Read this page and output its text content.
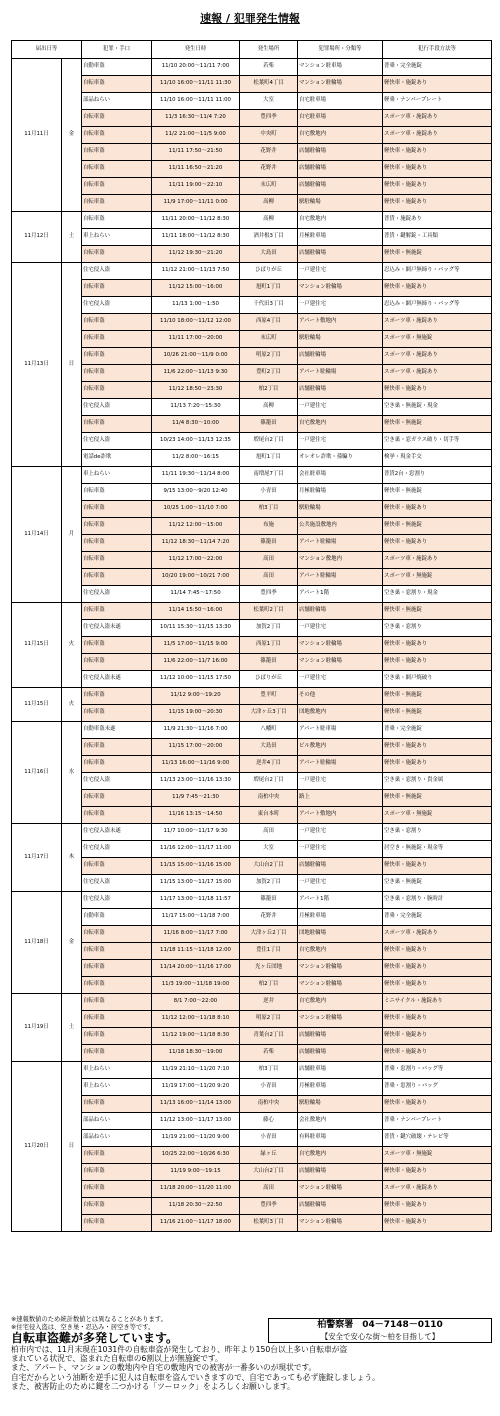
速報 / 犯罪発生情報
届出日等		犯罪・手口	発生日時	発生場所	犯罪場所・分類等	犯行手段方法等
11月11日	金	自動車盗	11/10 20:00～11/11 7:00	若柴	マンション駐車場	普乗・完全施錠
		自転車盗	11/10 16:00～11/11 11:30	松葉町4丁目	マンション駐輪場	軽快車・施錠あり
		部品ねらい	11/10 16:00～11/11 11:00	大室	自宅駐車場	軽乗・ナンバープレート
		自転車盗	11/3 16:30～11/4 7:20	豊四季	自宅駐車場	スポーツ車・施錠あり
		自転車盗	11/2 21:00～11/5 9:00	中央町	自宅敷地内	スポーツ車・施錠あり
		自転車盗	11/11 17:50～21:50	花野井	店舗駐輪場	軽快車・施錠あり
		自転車盗	11/11 16:50～21:20	花野井	店舗駐輪場	軽快車・施錠あり
		自転車盗	11/11 19:00～22:10	末広町	店舗駐輪場	軽快車・施錠あり
		自転車盗	11/9 17:00～11/11 0:00	高柳	駅駐輪場	軽快車・施錠あり
11月12日	土	自転車盗	11/11 20:00～11/12 8:30	高柳	自宅敷地内	普貨・施錠あり
		車上ねらい	11/11 18:00～11/12 8:30	酒井根3丁目	月極駐車場	普貨・鍵解錠・工具類
		自転車盗	11/12 19:30～21:20	大島田	店舗駐輪場	軽快車・無施錠
11月13日	日	住宅侵入盗	11/12 21:00～11/13 7:50	ひばりが丘	一戸建住宅	忍込み・網戸無締り・バッグ等
		自転車盗	11/12 15:00～16:00	旭町1丁目	マンション駐輪場	軽快車・施錠あり
		住宅侵入盗	11/13 1:00～1:50	千代田3丁目	一戸建住宅	忍込み・網戸無締り・バッグ等
		自転車盗	11/10 18:00～11/12 12:00	西原4丁目	アパート敷地内	スポーツ車・施錠あり
		自転車盗	11/11 17:00～20:00	末広町	駅駐輪場	スポーツ車・無施錠
		自転車盗	10/26 21:00～11/9 0:00	明原2丁目	店舗駐輪場	スポーツ車・施錠あり
		自転車盗	11/6 22:00～11/13 9:30	豊町2丁目	アパート駐輪場	スポーツ車・施錠あり
		自転車盗	11/12 18:50～23:30	柏2丁目	店舗駐輪場	軽快車・施錠あり
		住宅侵入盗	11/13 7:20～15:30	高柳	一戸建住宅	空き巣・無施錠・現金
		自転車盗	11/4 8:30～10:00	篠籠田	自宅敷地内	軽快車・無施錠
		住宅侵入盗	10/23 14:00～11/13 12:35	増尾台2丁目	一戸建住宅	空き巣・窓ガラス破り・切手等
		電話de詐欺	11/2 8:00～16:15	旭町1丁目	オレオレ詐欺・孫騙り	検挙・現金手交
11月14日	月	車上ねらい	11/11 19:30～11/14 8:00	南増尾7丁目	会社駐車場	普貨2台・窓割り
		自転車盗	9/15 13:00～9/20 12:40	小青田	月極駐輪場	軽快車・無施錠
		自転車盗	10/25 1:00～11/10 7:00	柏3丁目	駅駐輪場	軽快車・施錠あり
		自転車盗	11/12 12:00～15:00	布施	公共施設敷地内	軽快車・無施錠
		自転車盗	11/12 18:30～11/14 7:20	篠籠田	アパート駐輪場	軽快車・施錠あり
		自転車盗	11/12 17:00～22:00	高田	マンション敷地内	スポーツ車・施錠あり
		自転車盗	10/20 19:00～10/21 7:00	高田	アパート駐輪場	スポーツ車・無施錠
		住宅侵入盗	11/14 7:45～17:50	豊四季	アパート1階	空き巣・窓割り・現金
11月15日	火	自転車盗	11/14 15:50～16:00	松葉町2丁目	店舗駐輪場	軽快車・無施錠
		住宅侵入盗未遂	10/11 15:30～11/15 13:30	加賀2丁目	一戸建住宅	空き巣・窓割り
		自転車盗	11/5 17:00～11/15 9:00	西原1丁目	マンション駐輪場	軽快車・施錠あり
		自転車盗	11/6 22:00～11/7 16:00	篠籠田	マンション駐輪場	軽快車・施錠あり
		住宅侵入盗未遂	11/12 10:00～11/15 17:50	ひばりが丘	一戸建住宅	空き巣・網戸焼破り
11月15日	火	自転車盗	11/12 9:00～19:20	豊平町	その他	軽快車・無施錠
		自転車盗	11/15 19:00～20:30	大津ヶ丘3丁目	団地敷地内	軽快車・無施錠
11月16日	水	自動車盗未遂	11/9 21:30～11/16 7:00	八幡町	アパート駐車場	普乗・完全施錠
		自転車盗	11/15 17:00～20:00	大島田	ビル敷地内	軽快車・施錠あり
		自転車盗	11/13 16:00～11/16 9:00	逆井4丁目	アパート駐輪場	軽快車・施錠あり
		住宅侵入盗	11/13 23:00～11/16 13:30	増尾台2丁目	一戸建住宅	空き巣・窓割り・貴金属
		自転車盗	11/9 7:45～21:30	南柏中央	路上	軽快車・無施錠
		自転車盗	11/16 13:15～14:50	東台本町	アパート敷地内	スポーツ車・無施錠
11月17日	木	住宅侵入盗未遂	11/7 10:00～11/17 9:30	高田	一戸建住宅	空き巣・窓割り
		住宅侵入盗	11/16 12:00～11/17 11:00	大室	一戸建住宅	居空き・無施錠・現金等
		自転車盗	11/15 15:00～11/16 15:00	大山台2丁目	店舗駐輪場	軽快車・施錠あり
		住宅侵入盗	11/15 13:00～11/17 15:00	加賀2丁目	一戸建住宅	空き巣・無施錠
11月18日	金	住宅侵入盗	11/17 13:00～11/18 11:57	篠籠田	アパート1階	空き巣・窓割り・腕時計
		自動車盗	11/17 15:00～11/18 7:00	花野井	月極駐車場	普乗・完全施錠
		自転車盗	11/16 8:00～11/17 7:00	大津ヶ丘2丁目	団地駐輪場	スポーツ車・施錠あり
		自転車盗	11/18 11:15～11/18 12:00	豊住1丁目	自宅敷地内	軽快車・施錠あり
		自転車盗	11/14 20:00～11/16 17:00	光ヶ丘団地	マンション駐輪場	軽快車・施錠あり
		自転車盗	11/3 19:00～11/18 19:00	柏2丁目	マンション駐輪場	軽快車・施錠あり
11月19日	土	自転車盗	8/1 7:00～22:00	逆井	自宅敷地内	ミニサイクル・施錠あり
		自転車盗	11/12 12:00～11/18 8:10	明原2丁目	マンション駐輪場	軽快車・施錠あり
		自転車盗	11/12 19:00～11/18 8:30	青葉台2丁目	店舗駐輪場	軽快車・施錠あり
		自転車盗	11/18 18:30～19:00	若柴	店舗駐輪場	軽快車・施錠あり
11月20日	日	車上ねらい	11/19 21:10～11/20 7:10	柏3丁目	店舗駐車場	普乗・窓割り・バッグ等
		車上ねらい	11/19 17:00～11/20 9:20	小青田	月極駐車場	普乗・窓割り・バッグ
		自転車盗	11/13 16:00～11/14 13:00	南柏中央	駅駐輪場	軽快車・施錠あり
		部品ねらい	11/12 13:00～11/17 13:00	藤心	会社敷地内	普乗・ナンバープレート
		部品ねらい	11/19 21:00～11/20 9:00	小青田	有料駐車場	普貨・鍵穴破壊・テレビ等
		自転車盗	10/25 22:00～10/26 6:30	緑ヶ丘	自宅敷地内	スポーツ車・無施錠
		自転車盗	11/19 9:00～19:15	大山台2丁目	店舗駐輪場	軽快車・施錠あり
		自転車盗	11/18 20:00～11/20 11:00	高田	マンション駐輪場	スポーツ車・施錠あり
		自転車盗	11/18 20:30～22:50	豊四季	店舗駐輪場	軽快車・施錠あり
		自転車盗	11/16 21:00～11/17 18:00	松葉町3丁目	マンション駐輪場	軽快車・施錠あり
※速報数値のため統計数値とは異なることがあります。
※住宅侵入盗は、空き巣・忍込み・居空き等です。
自転車盗難が多発しています。
柏市内では、11月末現在1031件の自転車盗が発生しており、昨年より150台以上多い自転車が盗
まれている状況で、盗まれた自転車の6割以上が無施錠です。
また、アパート、マンションの敷地内や自宅の敷地内での被害が一番多いのが現状です。
自宅だからという油断を逆手に犯人は自転車を盗んでいきますので、自宅であっても必ず施錠しましょう。
また、被害防止のために鍵を二つかける「ツーロック」をよろしくお願いします。
柏警察署　04－7148－0110
【安全で安心な街～柏を目指して】
